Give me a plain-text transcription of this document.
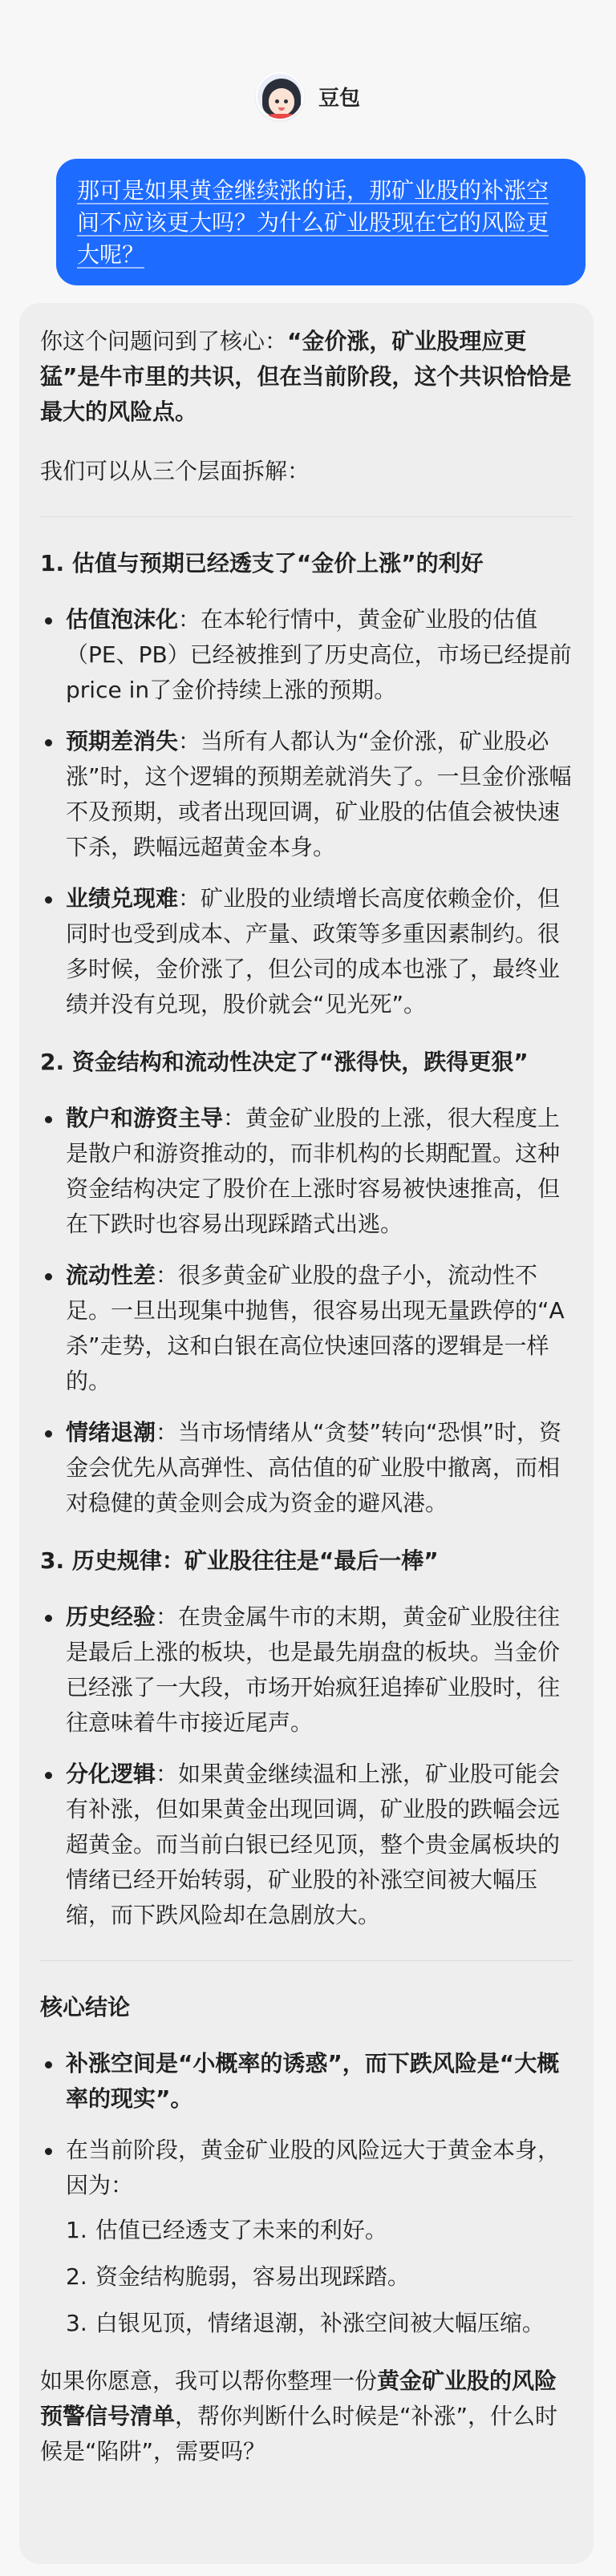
豆包
那可是如果黄金继续涨的话，那矿业股的补涨空间不应该更大吗？为什么矿业股现在它的风险更大呢？
你这个问题问到了核心：“金价涨，矿业股理应更猛”是牛市里的共识，但在当前阶段，这个共识恰恰是最大的风险点。
我们可以从三个层面拆解：
1. 估值与预期已经透支了“金价上涨”的利好
估值泡沫化：在本轮行情中，黄金矿业股的估值（PE、PB）已经被推到了历史高位，市场已经提前price in了金价持续上涨的预期。
预期差消失：当所有人都认为“金价涨，矿业股必涨”时，这个逻辑的预期差就消失了。一旦金价涨幅不及预期，或者出现回调，矿业股的估值会被快速下杀，跌幅远超黄金本身。
业绩兑现难：矿业股的业绩增长高度依赖金价，但同时也受到成本、产量、政策等多重因素制约。很多时候，金价涨了，但公司的成本也涨了，最终业绩并没有兑现，股价就会“见光死”。
2. 资金结构和流动性决定了“涨得快，跌得更狠”
散户和游资主导：黄金矿业股的上涨，很大程度上是散户和游资推动的，而非机构的长期配置。这种资金结构决定了股价在上涨时容易被快速推高，但在下跌时也容易出现踩踏式出逃。
流动性差：很多黄金矿业股的盘子小，流动性不足。一旦出现集中抛售，很容易出现无量跌停的“A杀”走势，这和白银在高位快速回落的逻辑是一样的。
情绪退潮：当市场情绪从“贪婪”转向“恐惧”时，资金会优先从高弹性、高估值的矿业股中撤离，而相对稳健的黄金则会成为资金的避风港。
3. 历史规律：矿业股往往是“最后一棒”
历史经验：在贵金属牛市的末期，黄金矿业股往往是最后上涨的板块，也是最先崩盘的板块。当金价已经涨了一大段，市场开始疯狂追捧矿业股时，往往意味着牛市接近尾声。
分化逻辑：如果黄金继续温和上涨，矿业股可能会有补涨，但如果黄金出现回调，矿业股的跌幅会远超黄金。而当前白银已经见顶，整个贵金属板块的情绪已经开始转弱，矿业股的补涨空间被大幅压缩，而下跌风险却在急剧放大。
核心结论
补涨空间是“小概率的诱惑”，而下跌风险是“大概率的现实”。
在当前阶段，黄金矿业股的风险远大于黄金本身，因为：
1. 估值已经透支了未来的利好。
2. 资金结构脆弱，容易出现踩踏。
3. 白银见顶，情绪退潮，补涨空间被大幅压缩。
如果你愿意，我可以帮你整理一份黄金矿业股的风险预警信号清单，帮你判断什么时候是“补涨”，什么时候是“陷阱”，需要吗？
